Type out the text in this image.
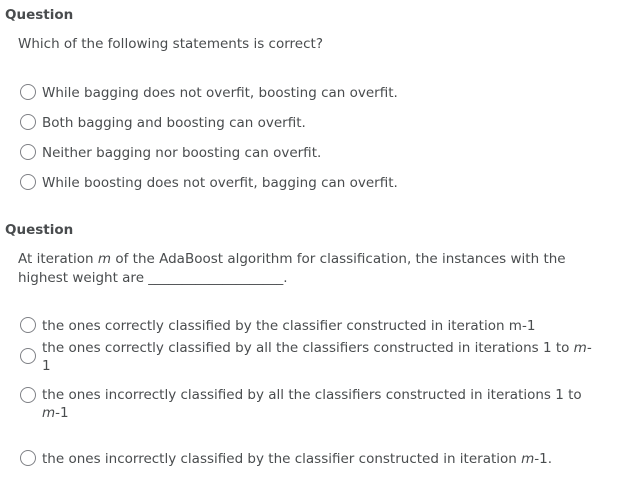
Question
Which of the following statements is correct?
While bagging does not overfit, boosting can overfit.
Both bagging and boosting can overfit.
Neither bagging nor boosting can overfit.
While boosting does not overfit, bagging can overfit.
Question
At iteration m of the AdaBoost algorithm for classification, the instances with the highest weight are ____________________.
the ones correctly classified by the classifier constructed in iteration m-1
the ones correctly classified by all the classifiers constructed in iterations 1 to m-1
the ones incorrectly classified by all the classifiers constructed in iterations 1 to m-1
the ones incorrectly classified by the classifier constructed in iteration m-1.
